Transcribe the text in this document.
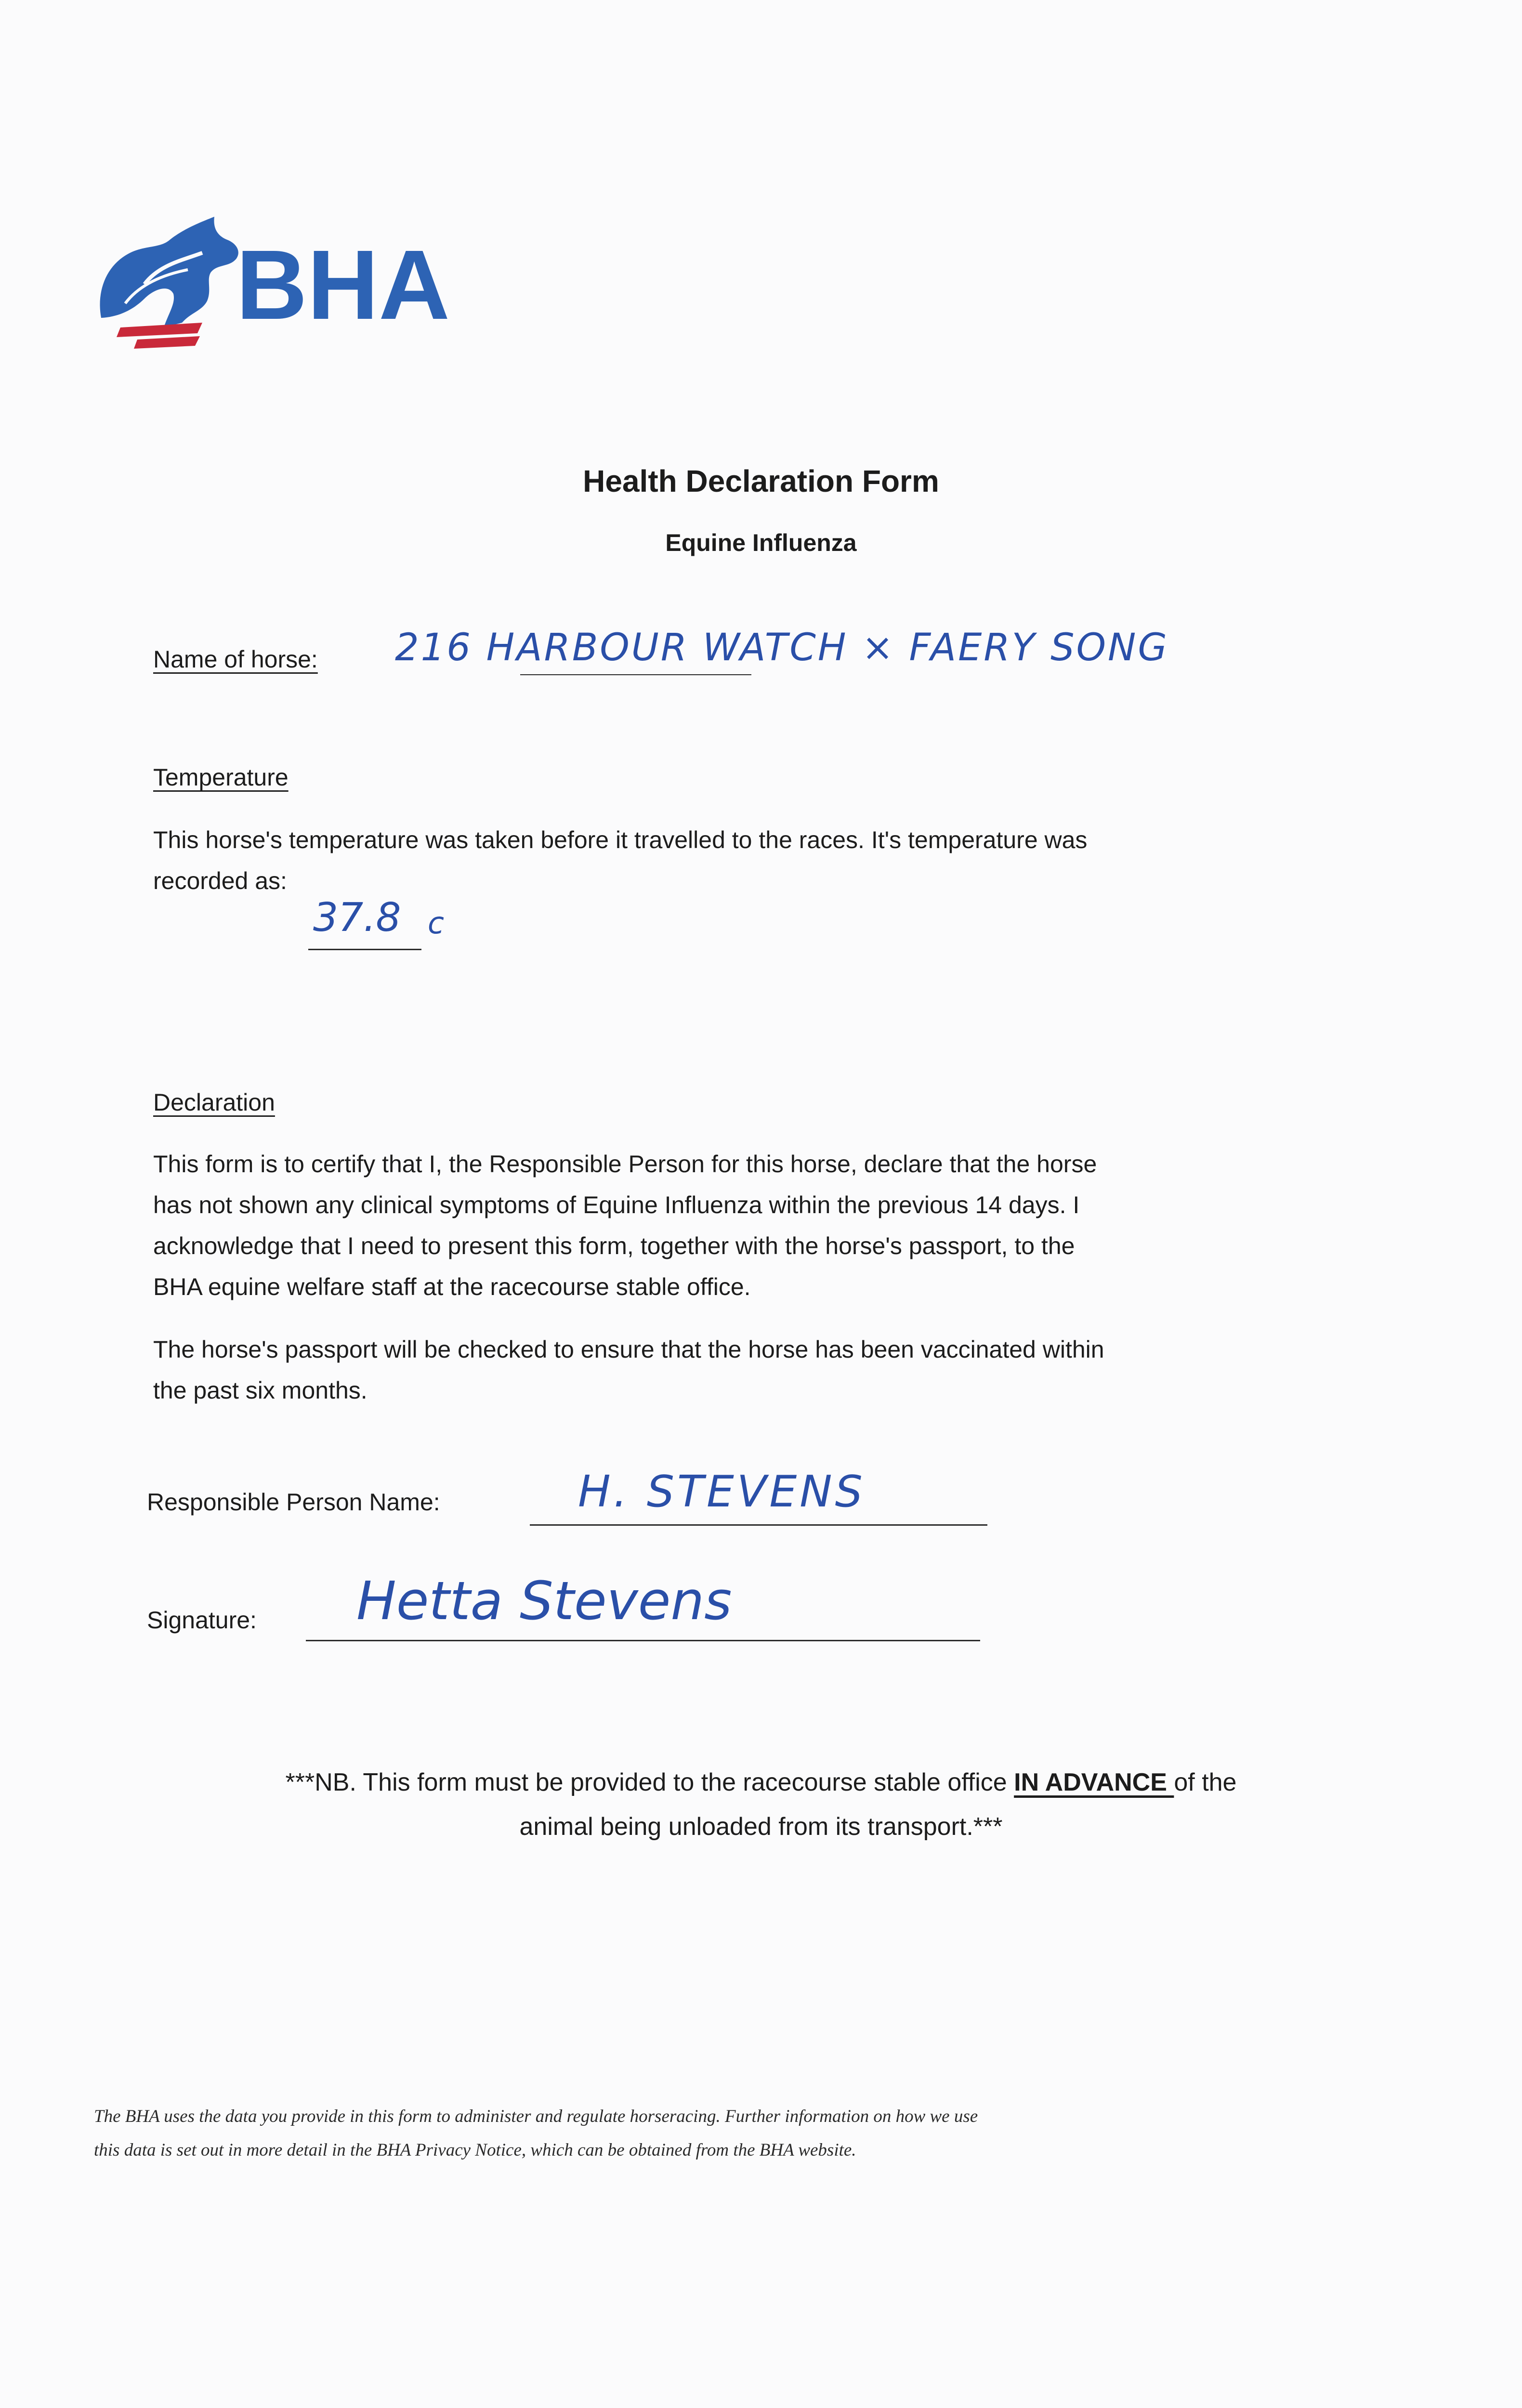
BHA
Health Declaration Form
Equine Influenza
Name of horse: 216 HARBOUR WATCH × FAERY SONG
Temperature
This horse's temperature was taken before it travelled to the races. It's temperature was
recorded as:
37.8 c
Declaration
This form is to certify that I, the Responsible Person for this horse, declare that the horse
has not shown any clinical symptoms of Equine Influenza within the previous 14 days. I
acknowledge that I need to present this form, together with the horse's passport, to the
BHA equine welfare staff at the racecourse stable office.
The horse's passport will be checked to ensure that the horse has been vaccinated within
the past six months.
Responsible Person Name:	H. STEVENS
Signature: Hetta Stevens
***NB. This form must be provided to the racecourse stable office IN ADVANCE of the
animal being unloaded from its transport.***
The BHA uses the data you provide in this form to administer and regulate horseracing. Further information on how we use
this data is set out in more detail in the BHA Privacy Notice, which can be obtained from the BHA website.
